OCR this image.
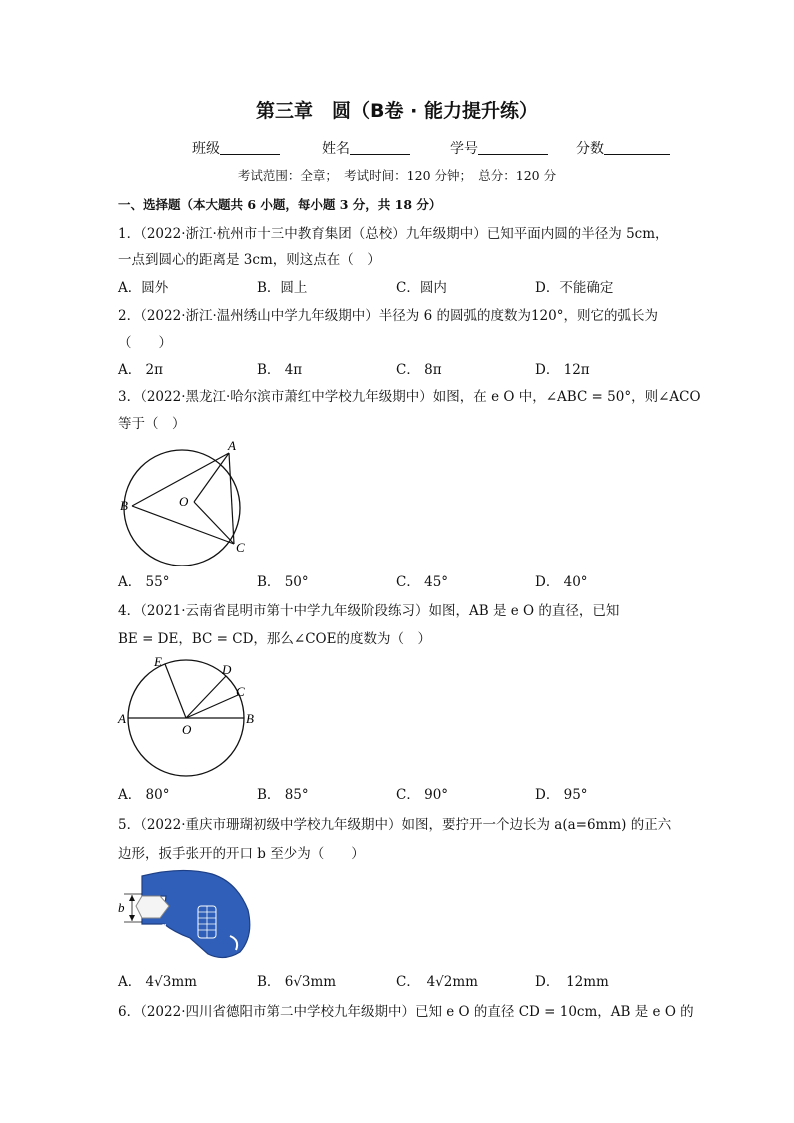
第三章　圆（B卷 · 能力提升练）
班级	姓名	学号	分数
考试范围：全章；　考试时间：120 分钟；　总分：120 分
一、选择题（本大题共 6 小题，每小题 3 分，共 18 分）
1．（2022·浙江·杭州市十三中教育集团（总校）九年级期中）已知平面内圆的半径为 5cm，
一点到圆心的距离是 3cm，则这点在（　）
A．圆外	B．圆上	C．圆内	D．不能确定
2．（2022·浙江·温州绣山中学九年级期中）半径为 6 的圆弧的度数为120°，则它的弧长为
（　　）
A． 2π	B． 4π	C． 8π	D． 12π
3．（2022·黑龙江·哈尔滨市萧红中学校九年级期中）如图，在 e O 中，∠ABC = 50°，则∠ACO
等于（　）
A
B	O
C
A． 55°	B． 50°	C． 45°	D． 40°
4．（2021·云南省昆明市第十中学九年级阶段练习）如图，AB 是 e O 的直径，已知
BE = DE，BC = CD，那么∠COE的度数为（　）
E
D
C
A
O
B
A． 80°	B． 85°	C． 90°	D． 95°
5．（2022·重庆市珊瑚初级中学校九年级期中）如图，要拧开一个边长为 a(a=6mm) 的正六
边形，扳手张开的开口 b 至少为（　　）
b
a
A． 4√3mm	B． 6√3mm	C．　4√2mm	D．　12mm
6．（2022·四川省德阳市第二中学校九年级期中）已知 e O 的直径 CD = 10cm，AB 是 e O 的
